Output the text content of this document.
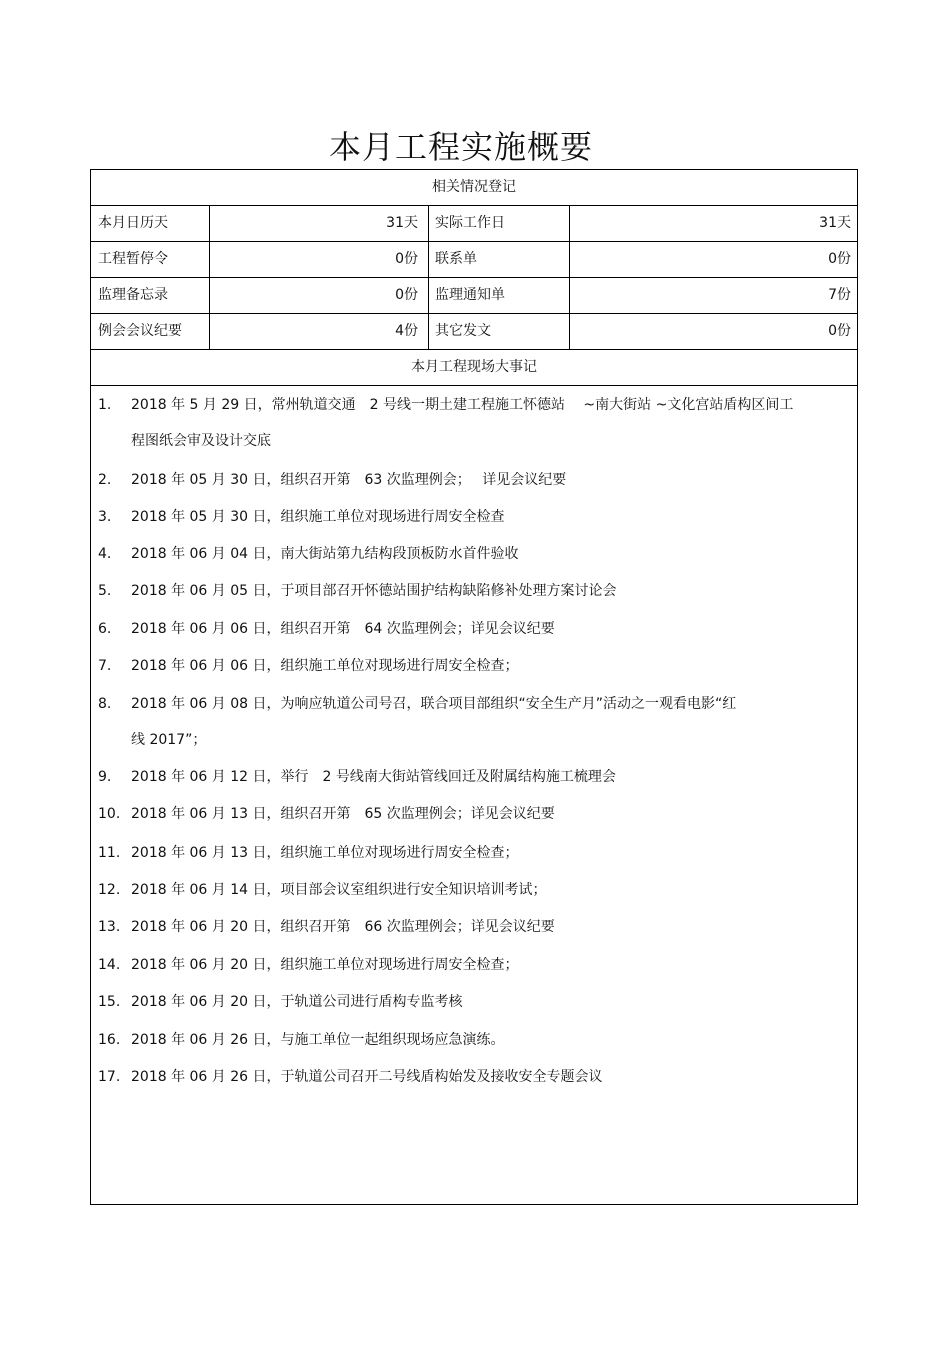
本月工程实施概要
相关情况登记
本月日历天	31天	实际工作日	31天
工程暂停令	0份	联系单	0份
监理备忘录	0份	监理通知单	7份
例会会议纪要	4份	其它发文	0份
本月工程现场大事记
1.	2018 年 5 月 29 日，常州轨道交通　2 号线一期土建工程施工怀德站　 ~南大街站 ~文化宫站盾构区间工
程图纸会审及设计交底
2.	2018 年 05 月 30 日，组织召开第　63 次监理例会；　 详见会议纪要
3.	2018 年 05 月 30 日，组织施工单位对现场进行周安全检查
4.	2018 年 06 月 04 日，南大街站第九结构段顶板防水首件验收
5.	2018 年 06 月 05 日，于项目部召开怀德站围护结构缺陷修补处理方案讨论会
6.	2018 年 06 月 06 日，组织召开第　64 次监理例会；详见会议纪要
7.	2018 年 06 月 06 日，组织施工单位对现场进行周安全检查；
8.	2018 年 06 月 08 日，为响应轨道公司号召，联合项目部组织“安全生产月”活动之一观看电影“红
线 2017”；
9.	2018 年 06 月 12 日，举行　2 号线南大街站管线回迁及附属结构施工梳理会
10. 2018 年 06 月 13 日，组织召开第　65 次监理例会；详见会议纪要
11. 2018 年 06 月 13 日，组织施工单位对现场进行周安全检查；
12. 2018 年 06 月 14 日，项目部会议室组织进行安全知识培训考试；
13. 2018 年 06 月 20 日，组织召开第　66 次监理例会；详见会议纪要
14. 2018 年 06 月 20 日，组织施工单位对现场进行周安全检查；
15. 2018 年 06 月 20 日，于轨道公司进行盾构专监考核
16. 2018 年 06 月 26 日，与施工单位一起组织现场应急演练。
17. 2018 年 06 月 26 日，于轨道公司召开二号线盾构始发及接收安全专题会议
